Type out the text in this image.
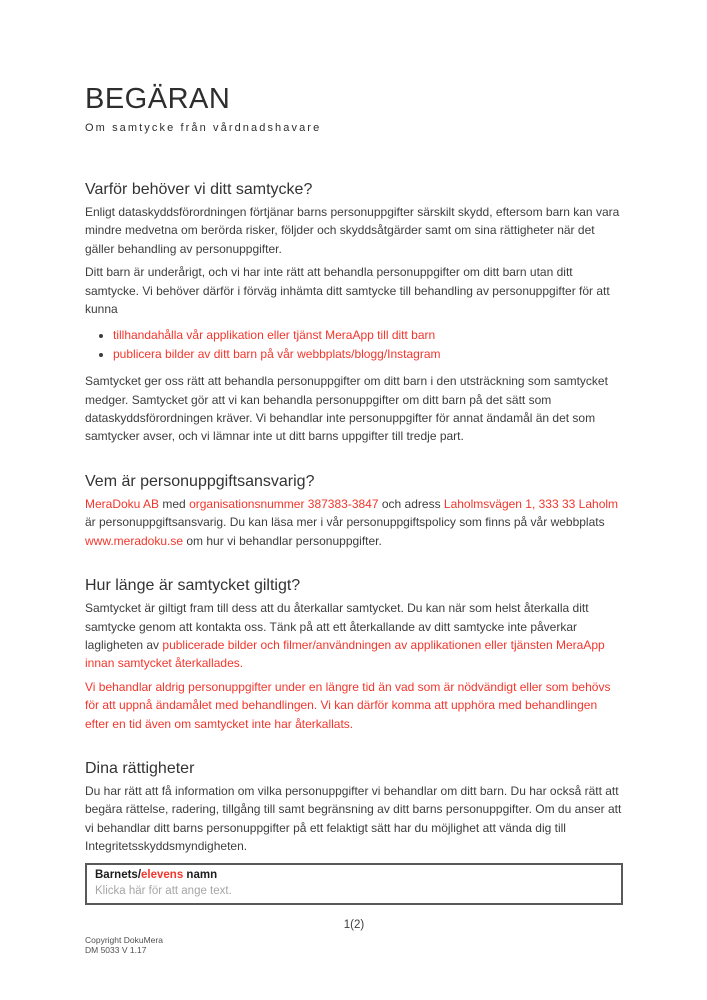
BEGÄRAN
Om samtycke från vårdnadshavare
Varför behöver vi ditt samtycke?

Enligt dataskyddsförordningen förtjänar barns personuppgifter särskilt skydd, eftersom barn kan vara mindre medvetna om berörda risker, följder och skyddsåtgärder samt om sina rättigheter när det gäller behandling av personuppgifter.

Ditt barn är underårigt, och vi har inte rätt att behandla personuppgifter om ditt barn utan ditt samtycke. Vi behöver därför i förväg inhämta ditt samtycke till behandling av personuppgifter för att kunna

• tillhandahålla vår applikation eller tjänst MeraApp till ditt barn
• publicera bilder av ditt barn på vår webbplats/blogg/Instagram

Samtycket ger oss rätt att behandla personuppgifter om ditt barn i den utsträckning som samtycket medger. Samtycket gör att vi kan behandla personuppgifter om ditt barn på det sätt som dataskyddsförordningen kräver. Vi behandlar inte personuppgifter för annat ändamål än det som samtycker avser, och vi lämnar inte ut ditt barns uppgifter till tredje part.

Vem är personuppgiftsansvarig?

MeraDoku AB med organisationsnummer 387383-3847 och adress Laholmsvägen 1, 333 33 Laholm är personuppgiftsansvarig. Du kan läsa mer i vår personuppgiftspolicy som finns på vår webbplats www.meradoku.se om hur vi behandlar personuppgifter.

Hur länge är samtycket giltigt?

Samtycket är giltigt fram till dess att du återkallar samtycket. Du kan när som helst återkalla ditt samtycke genom att kontakta oss. Tänk på att ett återkallande av ditt samtycke inte påverkar lagligheten av publicerade bilder och filmer/användningen av applikationen eller tjänsten MeraApp innan samtycket återkallades.

Vi behandlar aldrig personuppgifter under en längre tid än vad som är nödvändigt eller som behövs för att uppnå ändamålet med behandlingen. Vi kan därför komma att upphöra med behandlingen efter en tid även om samtycket inte har återkallats.

Dina rättigheter

Du har rätt att få information om vilka personuppgifter vi behandlar om ditt barn. Du har också rätt att begära rättelse, radering, tillgång till samt begränsning av ditt barns personuppgifter. Om du anser att vi behandlar ditt barns personuppgifter på ett felaktigt sätt har du möjlighet att vända dig till Integritetsskyddsmyndigheten.

Barnets/elevens namn
Klicka här för att ange text.
1(2)
Copyright DokuMera
DM 5033 V 1.17
